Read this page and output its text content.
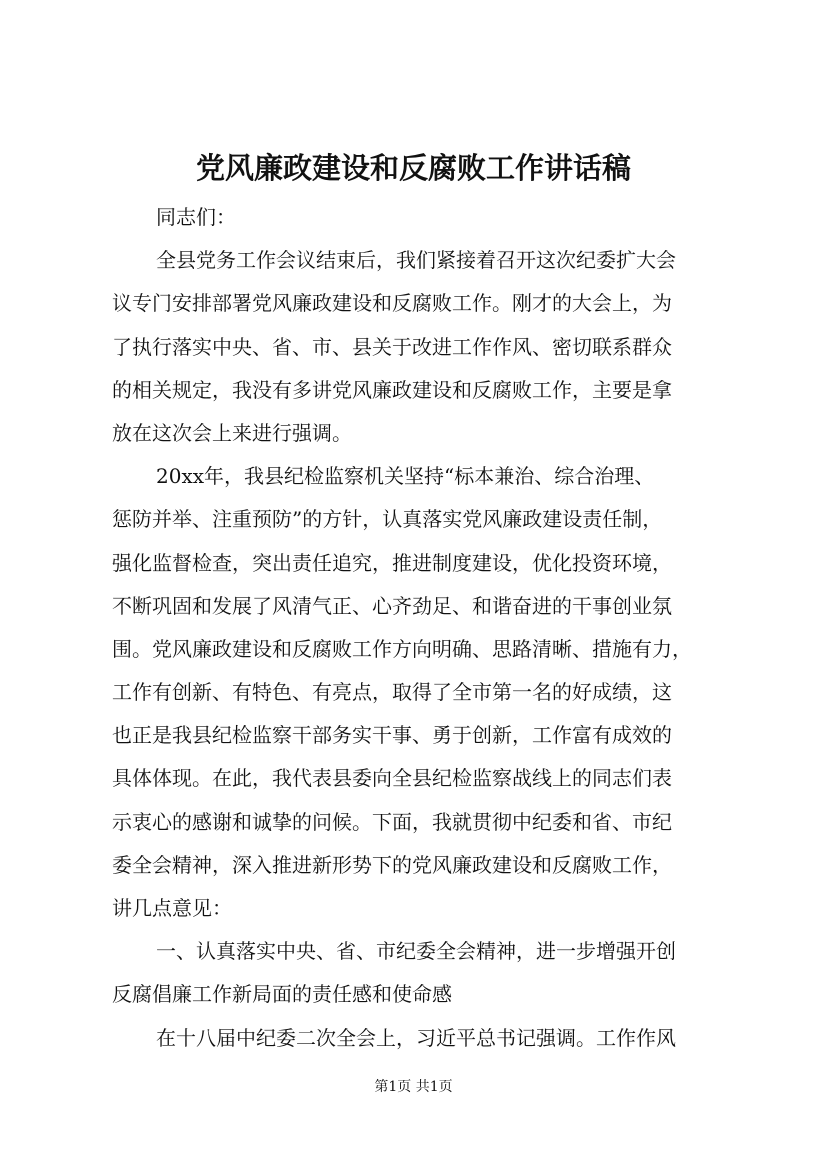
党风廉政建设和反腐败工作讲话稿
同志们：
全县党务工作会议结束后，我们紧接着召开这次纪委扩大会
议专门安排部署党风廉政建设和反腐败工作。刚才的大会上，为
了执行落实中央、省、市、县关于改进工作作风、密切联系群众
的相关规定，我没有多讲党风廉政建设和反腐败工作，主要是拿
放在这次会上来进行强调。
20xx年，我县纪检监察机关坚持“标本兼治、综合治理、
惩防并举、注重预防”的方针，认真落实党风廉政建设责任制，
强化监督检查，突出责任追究，推进制度建设，优化投资环境，
不断巩固和发展了风清气正、心齐劲足、和谐奋进的干事创业氛
围。党风廉政建设和反腐败工作方向明确、思路清晰、措施有力，
工作有创新、有特色、有亮点，取得了全市第一名的好成绩，这
也正是我县纪检监察干部务实干事、勇于创新，工作富有成效的
具体体现。在此，我代表县委向全县纪检监察战线上的同志们表
示衷心的感谢和诚挚的问候。下面，我就贯彻中纪委和省、市纪
委全会精神，深入推进新形势下的党风廉政建设和反腐败工作，
讲几点意见：
一、认真落实中央、省、市纪委全会精神，进一步增强开创
反腐倡廉工作新局面的责任感和使命感
在十八届中纪委二次全会上，习近平总书记强调。工作作风
第1页 共1页
